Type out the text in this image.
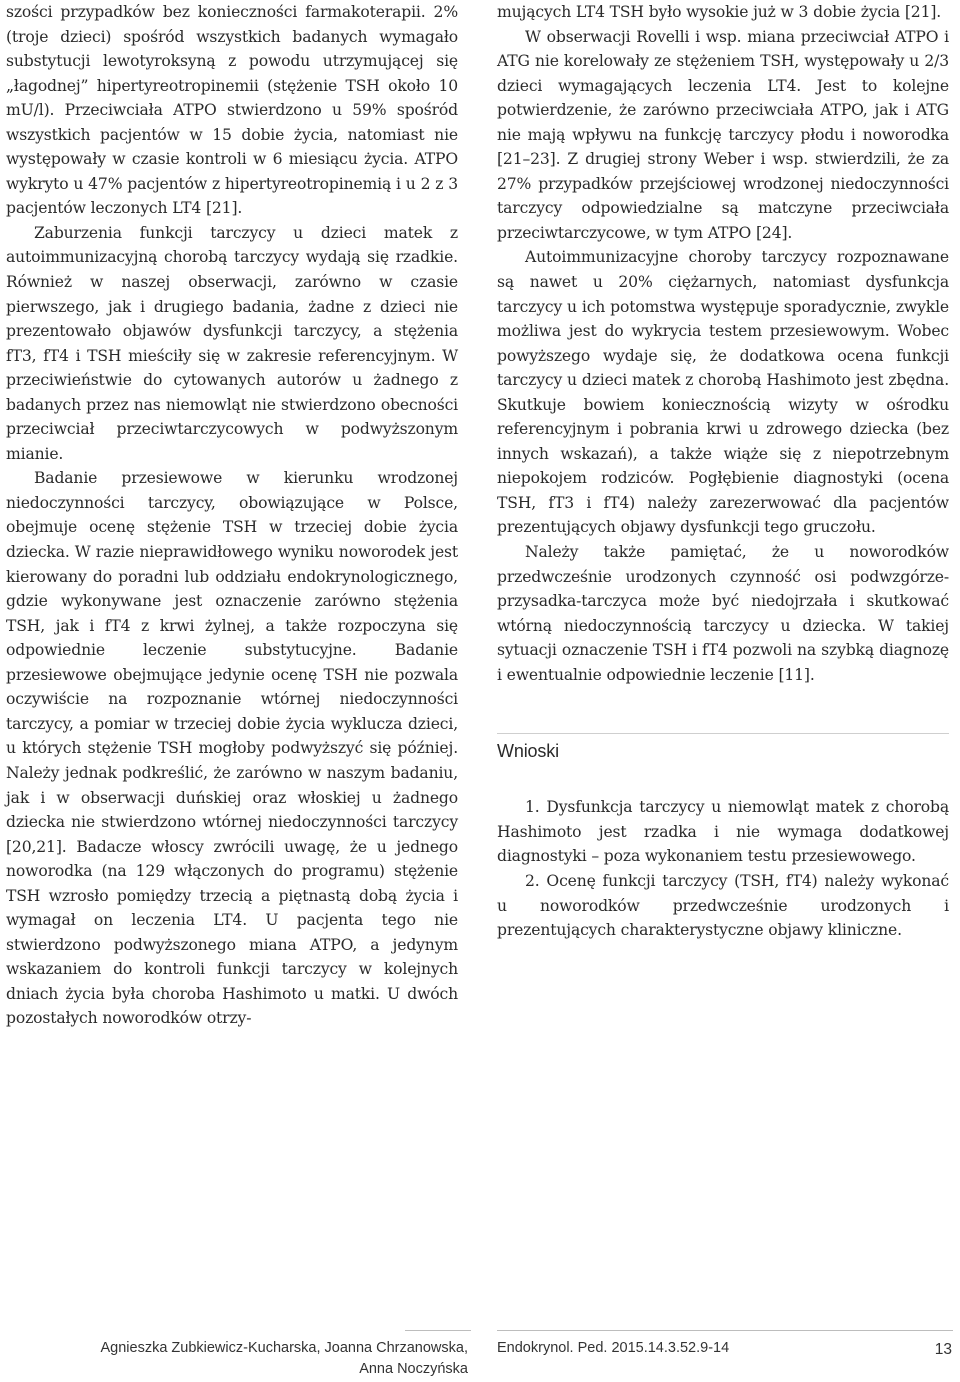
szości przypadków bez konieczności farmakoterapii. 2% (troje dzieci) spośród wszystkich badanych wymagało substytucji lewotyroksyną z powodu utrzymującej się „łagodnej” hipertyreotropinemii (stężenie TSH około 10 mU/l). Przeciwciała ATPO stwierdzono u 59% spośród wszystkich pacjentów w 15 dobie życia, natomiast nie występowały w czasie kontroli w 6 miesiącu życia. ATPO wykryto u 47% pacjentów z hipertyreotropinemią i u 2 z 3 pacjentów leczonych LT4 [21].

Zaburzenia funkcji tarczycy u dzieci matek z autoimmunizacyjną chorobą tarczycy wydają się rzadkie. Również w naszej obserwacji, zarówno w czasie pierwszego, jak i drugiego badania, żadne z dzieci nie prezentowało objawów dysfunkcji tarczycy, a stężenia fT3, fT4 i TSH mieściły się w zakresie referencyjnym. W przeciwieństwie do cytowanych autorów u żadnego z badanych przez nas niemowląt nie stwierdzono obecności przeciwciał przeciwtarczycowych w podwyższonym mianie.

Badanie przesiewowe w kierunku wrodzonej niedoczynności tarczycy, obowiązujące w Polsce, obejmuje ocenę stężenie TSH w trzeciej dobie życia dziecka. W razie nieprawidłowego wyniku noworodek jest kierowany do poradni lub oddziału endokrynologicznego, gdzie wykonywane jest oznaczenie zarówno stężenia TSH, jak i fT4 z krwi żylnej, a także rozpoczyna się odpowiednie leczenie substytucyjne. Badanie przesiewowe obejmujące jedynie ocenę TSH nie pozwala oczywiście na rozpoznanie wtórnej niedoczynności tarczycy, a pomiar w trzeciej dobie życia wyklucza dzieci, u których stężenie TSH mogłoby podwyższyć się później. Należy jednak podkreślić, że zarówno w naszym badaniu, jak i w obserwacji duńskiej oraz włoskiej u żadnego dziecka nie stwierdzono wtórnej niedoczynności tarczycy [20,21]. Badacze włoscy zwrócili uwagę, że u jednego noworodka (na 129 włączonych do programu) stężenie TSH wzrosło pomiędzy trzecią a piętnastą dobą życia i wymagał on leczenia LT4. U pacjenta tego nie stwierdzono podwyższonego miana ATPO, a jedynym wskazaniem do kontroli funkcji tarczycy w kolejnych dniach życia była choroba Hashimoto u matki. U dwóch pozostałych noworodków otrzy-

mujących LT4 TSH było wysokie już w 3 dobie życia [21].

W obserwacji Rovelli i wsp. miana przeciwciał ATPO i ATG nie korelowały ze stężeniem TSH, występowały u 2/3 dzieci wymagających leczenia LT4. Jest to kolejne potwierdzenie, że zarówno przeciwciała ATPO, jak i ATG nie mają wpływu na funkcję tarczycy płodu i noworodka [21–23]. Z drugiej strony Weber i wsp. stwierdzili, że za 27% przypadków przejściowej wrodzonej niedoczynności tarczycy odpowiedzialne są matczyne przeciwciała przeciwtarczycowe, w tym ATPO [24].

Autoimmunizacyjne choroby tarczycy rozpoznawane są nawet u 20% ciężarnych, natomiast dysfunkcja tarczycy u ich potomstwa występuje sporadycznie, zwykle możliwa jest do wykrycia testem przesiewowym. Wobec powyższego wydaje się, że dodatkowa ocena funkcji tarczycy u dzieci matek z chorobą Hashimoto jest zbędna. Skutkuje bowiem koniecznością wizyty w ośrodku referencyjnym i pobrania krwi u zdrowego dziecka (bez innych wskazań), a także wiąże się z niepotrzebnym niepokojem rodziców. Pogłębienie diagnostyki (ocena TSH, fT3 i fT4) należy zarezerwować dla pacjentów prezentujących objawy dysfunkcji tego gruczołu.

Należy także pamiętać, że u noworodków przedwcześnie urodzonych czynność osi podwzgórze-przysadka-tarczyca może być niedojrzała i skutkować wtórną niedoczynnością tarczycy u dziecka. W takiej sytuacji oznaczenie TSH i fT4 pozwoli na szybką diagnozę i ewentualnie odpowiednie leczenie [11].

Wnioski

1. Dysfunkcja tarczycy u niemowląt matek z chorobą Hashimoto jest rzadka i nie wymaga dodatkowej diagnostyki – poza wykonaniem testu przesiewowego.

2. Ocenę funkcji tarczycy (TSH, fT4) należy wykonać u noworodków przedwcześnie urodzonych i prezentujących charakterystyczne objawy kliniczne.

Agnieszka Zubkiewicz-Kucharska, Joanna Chrzanowska,
Anna Noczyńska
Endokrynol. Ped. 2015.14.3.52.9-14	13
